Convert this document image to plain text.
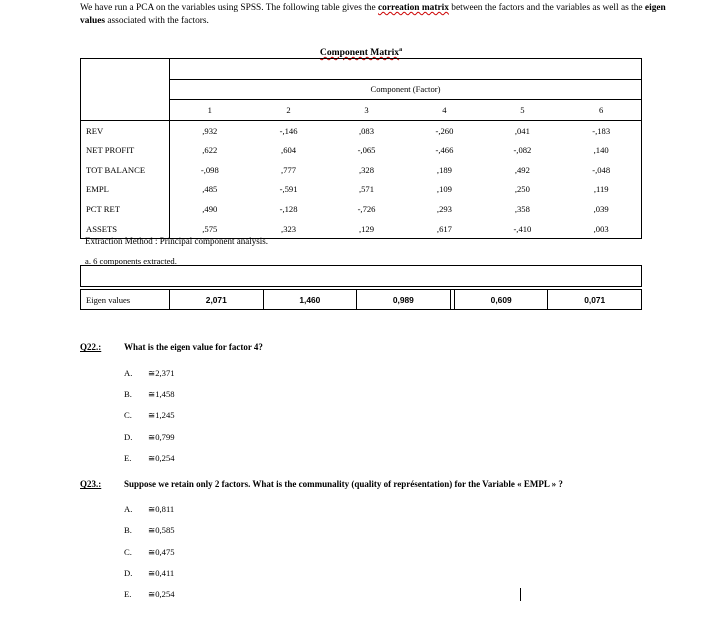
We have run a PCA on the variables using SPSS. The following table gives the correation matrix between the factors and the variables as well as the eigen values associated with the factors.
Component Matrix$^a$

	Component (Factor)					
	1	2	3	4	5	6
REV	,932	-,146	,083	-,260	,041	-,183
NET PROFIT	,622	,604	-,065	-,466	-,082	,140
TOT BALANCE	-,098	,777	,328	,189	,492	-,048
EMPL	,485	-,591	,571	,109	,250	,119
PCT RET	,490	-,128	-,726	,293	,358	,039
ASSETS	,575	,323	,129	,617	-,410	,003
Extraction Method : Principal component analysis.
a. 6 components extracted.
Eigen values	2,071	1,460	0,989		0,609	0,071
Q22.:	What is the eigen value for factor 4?
A. ≅2,371
B. ≅1,458
C. ≅1,245
D. ≅0,799
E. ≅0,254
Q23.:	Suppose we retain only 2 factors. What is the communality (quality of représentation) for the Variable « EMPL » ?
A. ≅0,811
B. ≅0,585
C. ≅0,475
D. ≅0,411
E. ≅0,254
